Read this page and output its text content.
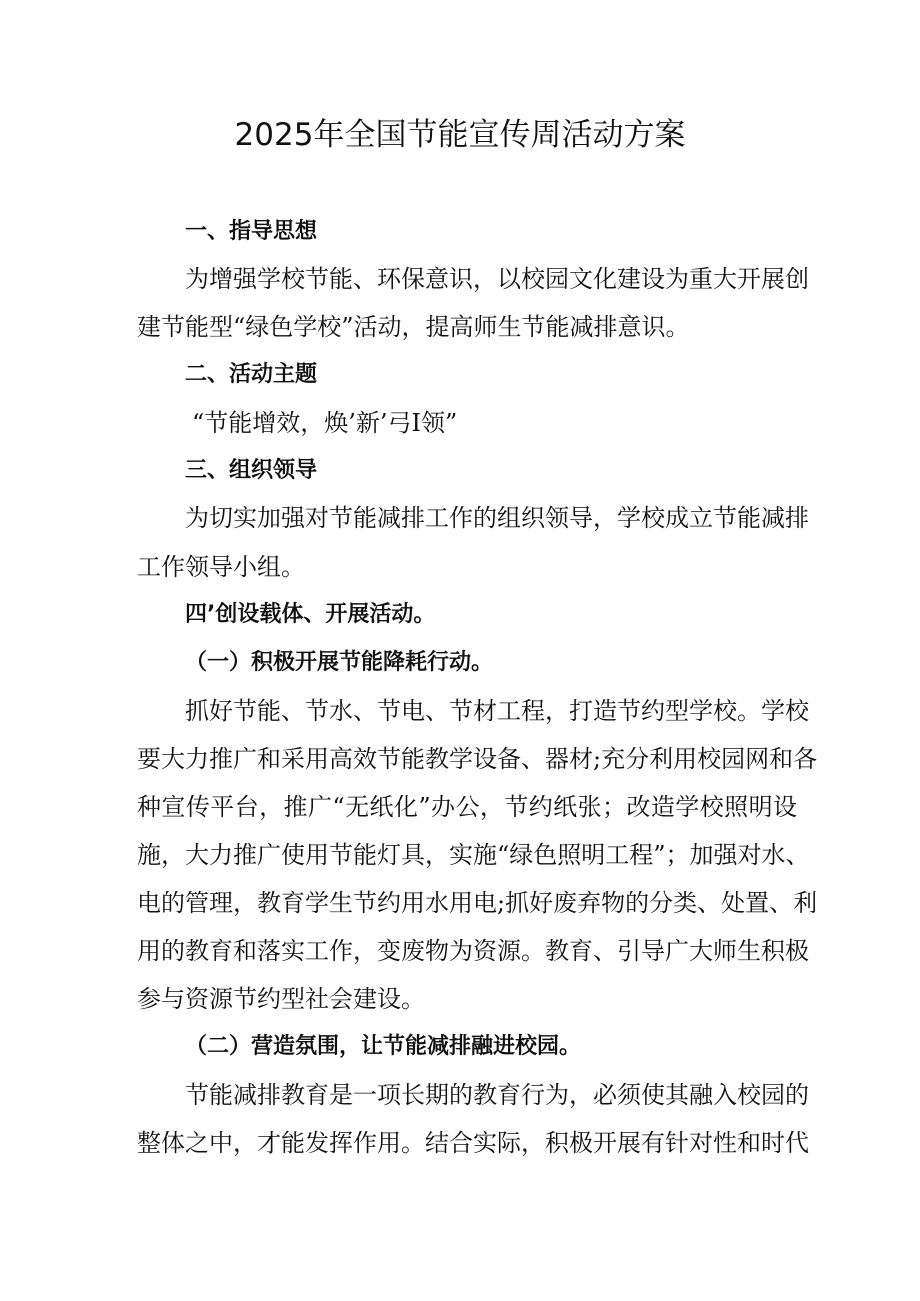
2025年全国节能宣传周活动方案
一、指导思想
为增强学校节能、环保意识，以校园文化建设为重大开展创
建节能型“绿色学校”活动，提高师生节能减排意识。
二、活动主题
“节能增效，焕’新’弓I领”
三、组织领导
为切实加强对节能减排工作的组织领导，学校成立节能减排
工作领导小组。
四’创设载体、开展活动。
（一）积极开展节能降耗行动。
抓好节能、节水、节电、节材工程，打造节约型学校。学校
要大力推广和采用高效节能教学设备、器材;充分利用校园网和各
种宣传平台，推广“无纸化”办公，节约纸张；改造学校照明设
施，大力推广使用节能灯具，实施“绿色照明工程”；加强对水、
电的管理，教育学生节约用水用电;抓好废弃物的分类、处置、利
用的教育和落实工作，变废物为资源。教育、引导广大师生积极
参与资源节约型社会建设。
（二）营造氛围，让节能减排融进校园。
节能减排教育是一项长期的教育行为，必须使其融入校园的
整体之中，才能发挥作用。结合实际，积极开展有针对性和时代
